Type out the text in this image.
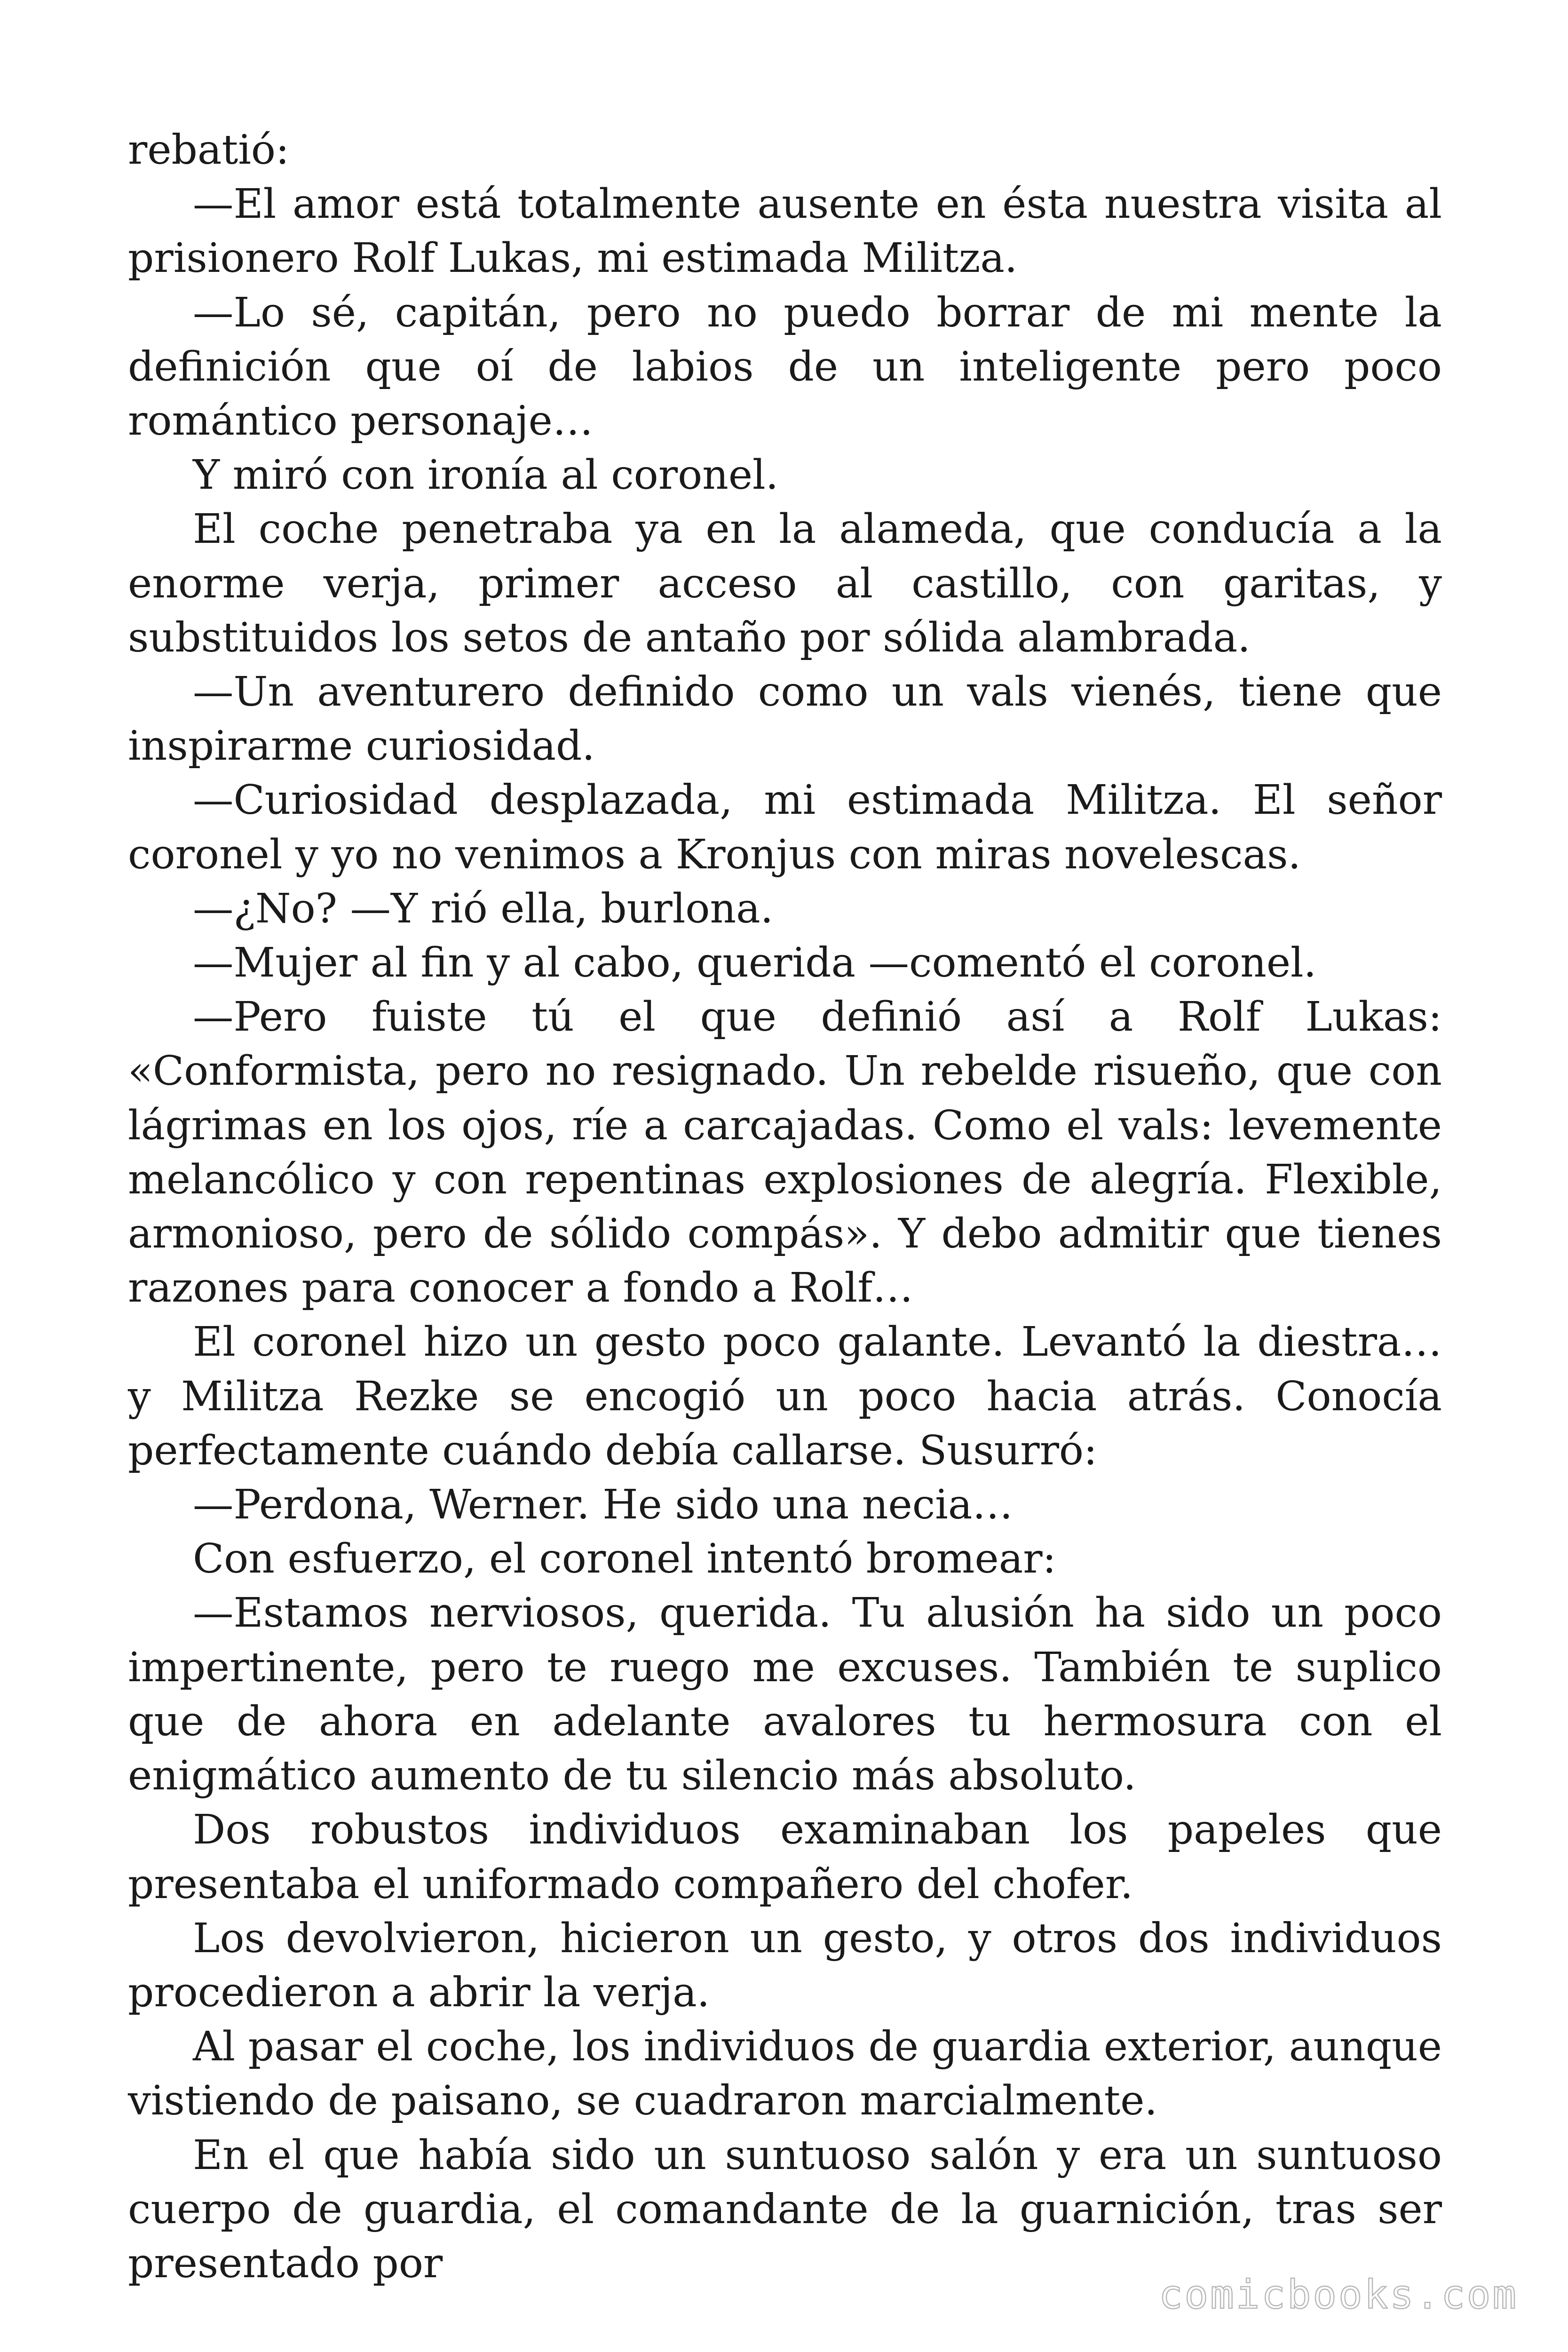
rebatió:

—El amor está totalmente ausente en ésta nuestra visita al prisionero Rolf Lukas, mi estimada Militza.

—Lo sé, capitán, pero no puedo borrar de mi mente la definición que oí de labios de un inteligente pero poco romántico personaje…

Y miró con ironía al coronel.

El coche penetraba ya en la alameda, que conducía a la enorme verja, primer acceso al castillo, con garitas, y substituidos los setos de antaño por sólida alambrada.

—Un aventurero definido como un vals vienés, tiene que inspirarme curiosidad.

—Curiosidad desplazada, mi estimada Militza. El señor coronel y yo no venimos a Kronjus con miras novelescas.

—¿No? —Y rió ella, burlona.

—Mujer al fin y al cabo, querida —comentó el coronel.

—Pero fuiste tú el que definió así a Rolf Lukas: «Conformista, pero no resignado. Un rebelde risueño, que con lágrimas en los ojos, ríe a carcajadas. Como el vals: levemente melancólico y con repentinas explosiones de alegría. Flexible, armonioso, pero de sólido compás». Y debo admitir que tienes razones para conocer a fondo a Rolf…

El coronel hizo un gesto poco galante. Levantó la diestra… y Militza Rezke se encogió un poco hacia atrás. Conocía perfectamente cuándo debía callarse. Susurró:

—Perdona, Werner. He sido una necia…

Con esfuerzo, el coronel intentó bromear:

—Estamos nerviosos, querida. Tu alusión ha sido un poco impertinente, pero te ruego me excuses. También te suplico que de ahora en adelante avalores tu hermosura con el enigmático aumento de tu silencio más absoluto.

Dos robustos individuos examinaban los papeles que presentaba el uniformado compañero del chofer.

Los devolvieron, hicieron un gesto, y otros dos individuos procedieron a abrir la verja.

Al pasar el coche, los individuos de guardia exterior, aunque vistiendo de paisano, se cuadraron marcialmente.

En el que había sido un suntuoso salón y era un suntuoso cuerpo de guardia, el comandante de la guarnición, tras ser presentado por

comicbooks.com
